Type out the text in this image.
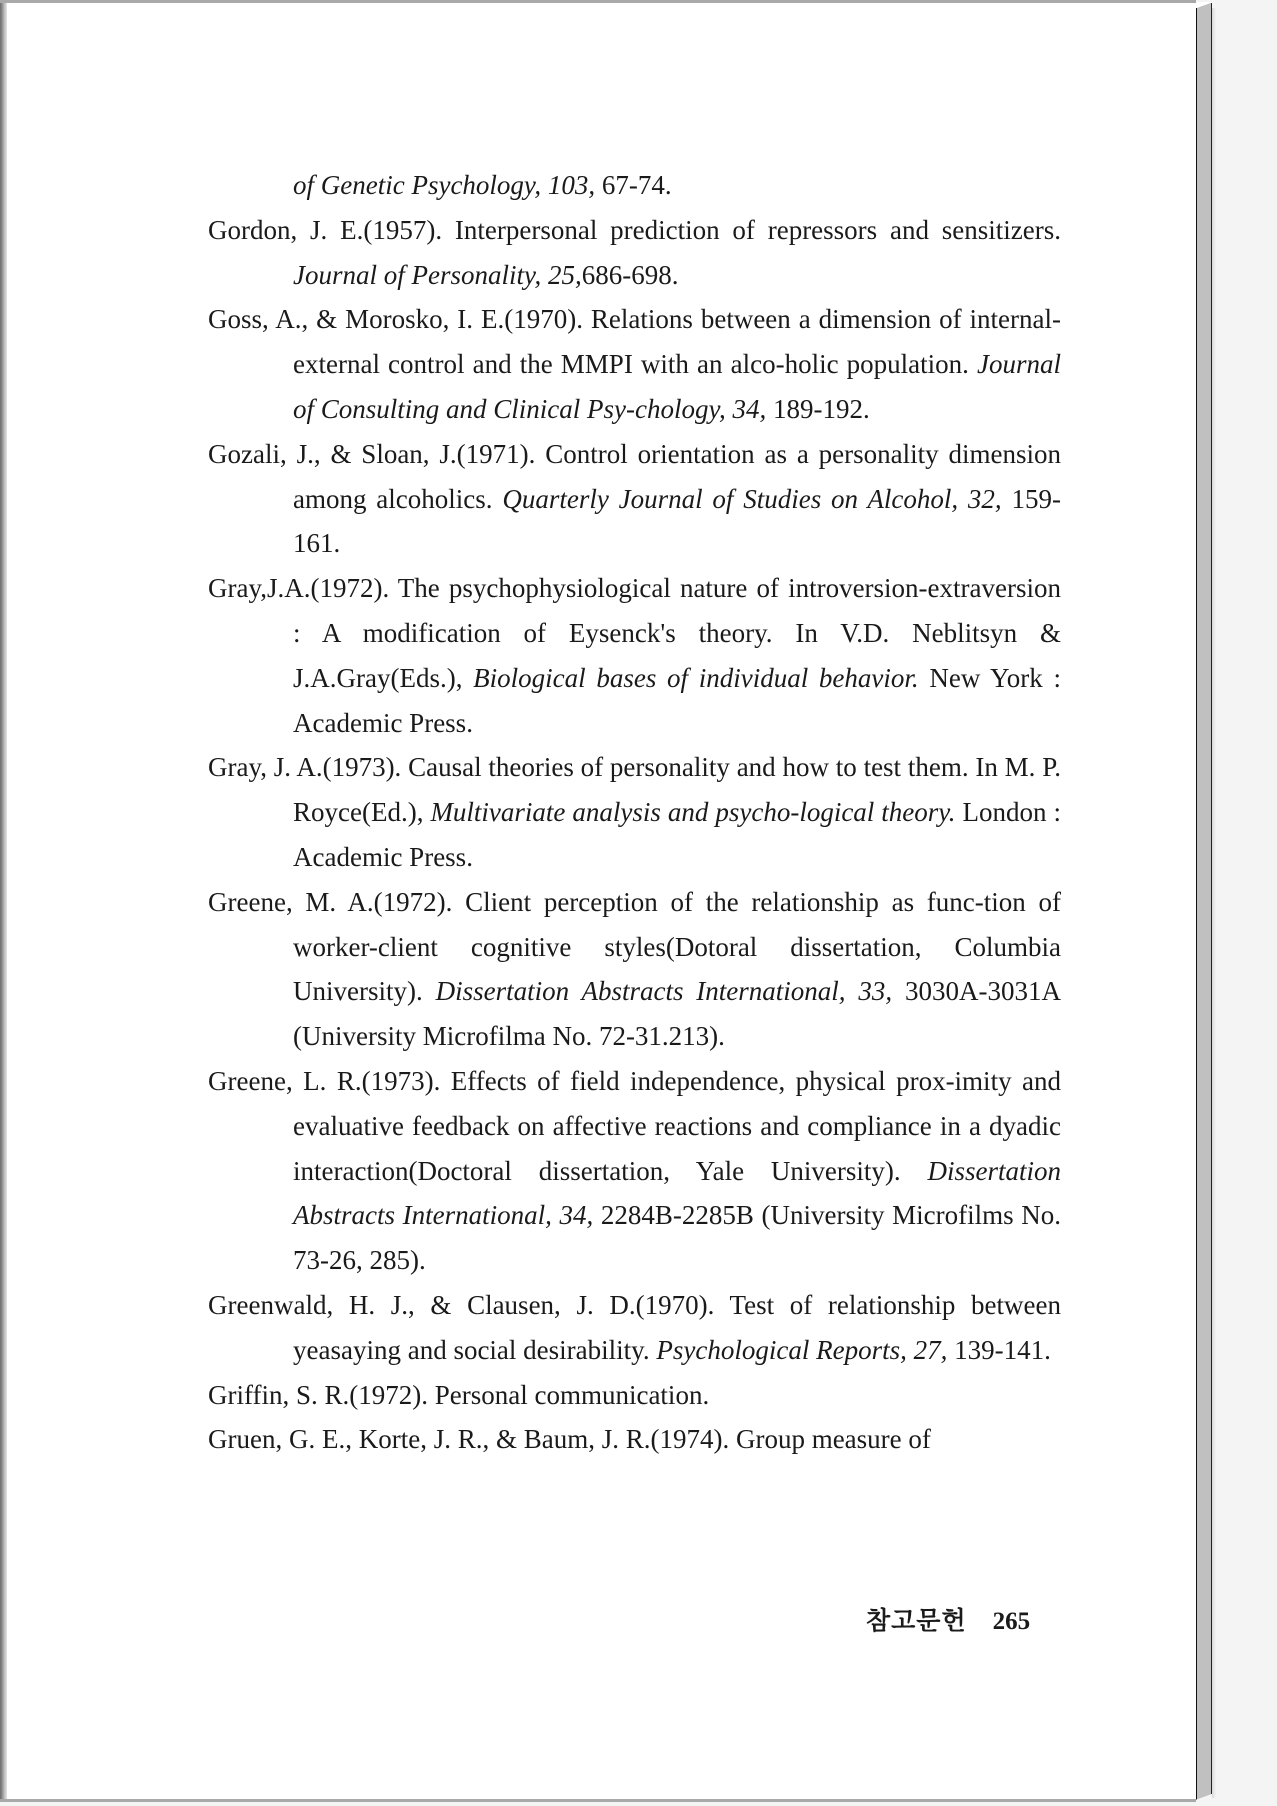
of Genetic Psychology, 103, 67-74.

Gordon, J. E.(1957). Interpersonal prediction of repressors and sensitizers. Journal of Personality, 25,686-698.

Goss, A., & Morosko, I. E.(1970). Relations between a dimension of internal-external control and the MMPI with an alco-holic population. Journal of Consulting and Clinical Psy-chology, 34, 189-192.

Gozali, J., & Sloan, J.(1971). Control orientation as a personality dimension among alcoholics. Quarterly Journal of Studies on Alcohol, 32, 159-161.

Gray,J.A.(1972). The psychophysiological nature of introversion-extraversion : A modification of Eysenck's theory. In V.D. Neblitsyn & J.A.Gray(Eds.), Biological bases of individual behavior. New York : Academic Press.

Gray, J. A.(1973). Causal theories of personality and how to test them. In M. P. Royce(Ed.), Multivariate analysis and psycho-logical theory. London : Academic Press.

Greene, M. A.(1972). Client perception of the relationship as func-tion of worker-client cognitive styles(Dotoral dissertation, Columbia University). Dissertation Abstracts International, 33, 3030A-3031A (University Microfilma No. 72-31.213).

Greene, L. R.(1973). Effects of field independence, physical prox-imity and evaluative feedback on affective reactions and compliance in a dyadic interaction(Doctoral dissertation, Yale University). Dissertation Abstracts International, 34, 2284B-2285B (University Microfilms No. 73-26, 285).

Greenwald, H. J., & Clausen, J. D.(1970). Test of relationship between yeasaying and social desirability. Psychological Reports, 27, 139-141.

Griffin, S. R.(1972). Personal communication.

Gruen, G. E., Korte, J. R., & Baum, J. R.(1974). Group measure of

참고문헌 265
